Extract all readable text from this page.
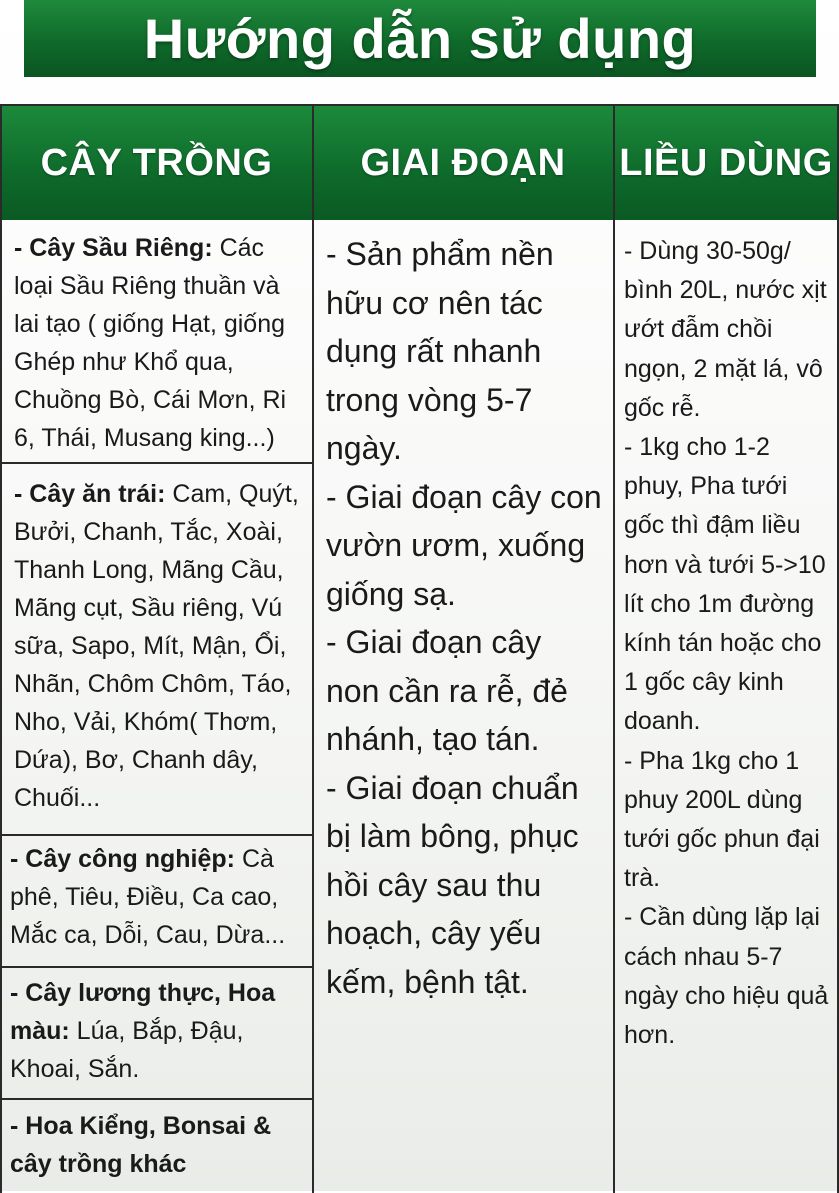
Hướng dẫn sử dụng
CÂY TRỒNG	GIAI ĐOẠN	LIỀU DÙNG
- Cây Sầu Riêng: Các loại Sầu Riêng thuần và lai tạo ( giống Hạt, giống Ghép như Khổ qua, Chuồng Bò, Cái Mơn, Ri 6, Thái, Musang king...)
- Cây ăn trái: Cam, Quýt, Bưởi, Chanh, Tắc, Xoài, Thanh Long, Mãng Cầu, Mãng cụt, Sầu riêng, Vú sữa, Sapo, Mít, Mận, Ổi, Nhãn, Chôm Chôm, Táo, Nho, Vải, Khóm( Thơm, Dứa), Bơ, Chanh dây, Chuối...
- Cây công nghiệp: Cà phê, Tiêu, Điều, Ca cao, Mắc ca, Dỗi, Cau, Dừa...
- Cây lương thực, Hoa màu: Lúa, Bắp, Đậu, Khoai, Sắn.
- Hoa Kiểng, Bonsai & cây trồng khác
- Sản phẩm nền hữu cơ nên tác dụng rất nhanh trong vòng 5-7 ngày.
- Giai đoạn cây con vườn ươm, xuống giống sạ.
- Giai đoạn cây non cần ra rễ, đẻ nhánh, tạo tán.
- Giai đoạn chuẩn bị làm bông, phục hồi cây sau thu hoạch, cây yếu kếm, bệnh tật.
- Dùng 30-50g/ bình 20L, nước xịt ướt đẫm chồi ngọn, 2 mặt lá, vô gốc rễ.
- 1kg cho 1-2 phuy, Pha tưới gốc thì đậm liều hơn và tưới 5->10 lít cho 1m đường kính tán hoặc cho 1 gốc cây kinh doanh.
- Pha 1kg cho 1 phuy 200L dùng tưới gốc phun đại trà.
- Cần dùng lặp lại cách nhau 5-7 ngày cho hiệu quả hơn.
